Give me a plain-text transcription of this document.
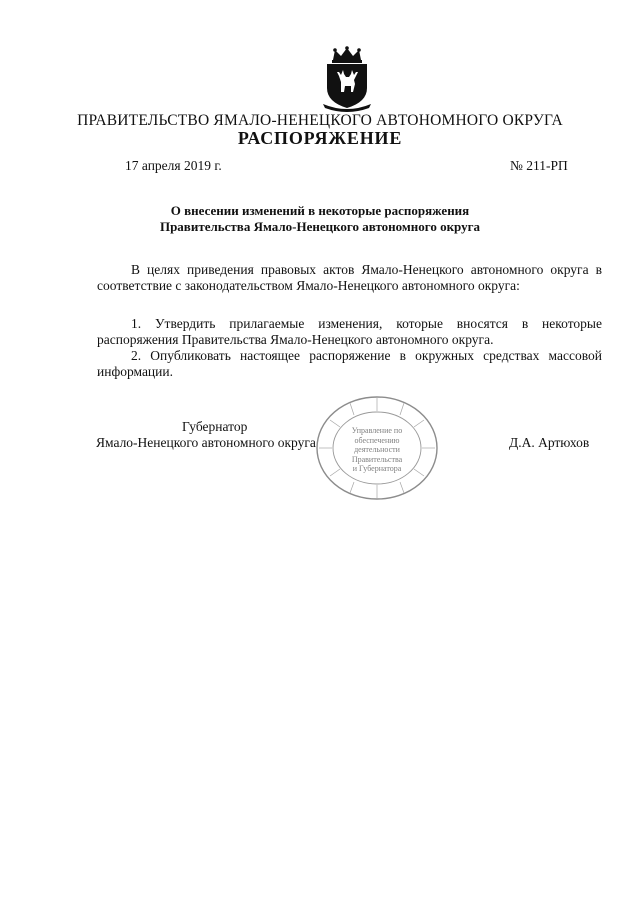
ПРАВИТЕЛЬСТВО ЯМАЛО-НЕНЕЦКОГО АВТОНОМНОГО ОКРУГА
РАСПОРЯЖЕНИЕ
17 апреля 2019 г.	№ 211-РП
О внесении изменений в некоторые распоряжения
Правительства Ямало-Ненецкого автономного округа

В целях приведения правовых актов Ямало-Ненецкого автономного округа в соответствие с законодательством Ямало-Ненецкого автономного округа:

1. Утвердить прилагаемые изменения, которые вносятся в некоторые распоряжения Правительства Ямало-Ненецкого автономного округа.

2. Опубликовать настоящее распоряжение в окружных средствах массовой информации.

Управление по
обеспечению
деятельности
Правительства
и Губернатора
Губернатор
Ямало-Ненецкого автономного округа	Д.А. Артюхов
